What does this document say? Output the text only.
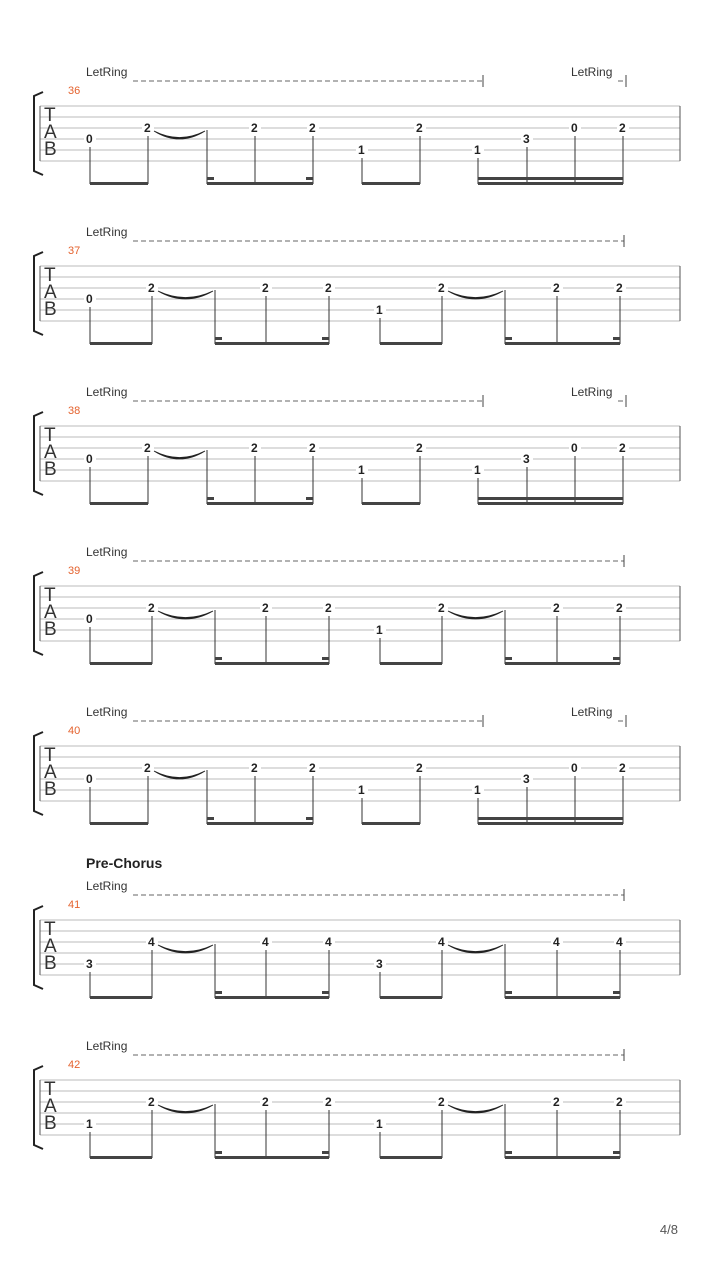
LetRing	LetRing
36
T
A
B 0
2	2	2
1
2
1
3
0	2
LetRing
37
T
A
B 0
2	2	2
1
2	2	2
LetRing	LetRing
38
T
A
B 0
2	2	2
1
2
1
3
0	2
LetRing
39
T
A
B 0
2	2	2
1
2	2	2
LetRing	LetRing
40
T
A
B 0
2	2	2
1
2
1
3
0	2
Pre-Chorus
LetRing
41
T
A
B 3
4	4	4
3
4	4	4
LetRing
42
T
A
B 1
2	2	2
1
2	2	2
4/8
